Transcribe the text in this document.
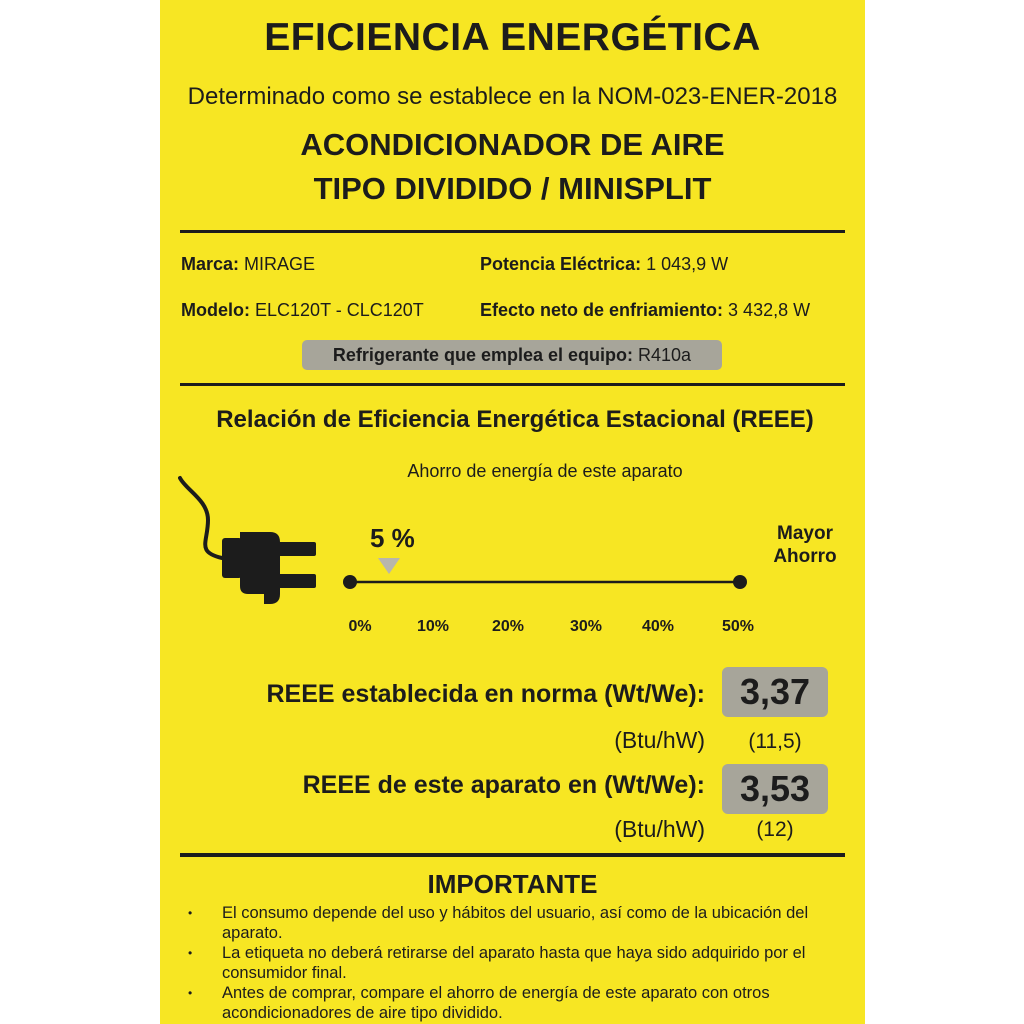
EFICIENCIA ENERGÉTICA
Determinado como se establece en la NOM-023-ENER-2018
ACONDICIONADOR DE AIRE
TIPO DIVIDIDO / MINISPLIT
Marca: MIRAGE	Potencia Eléctrica: 1 043,9 W
Modelo: ELC120T - CLC120T	Efecto neto de enfriamiento: 3 432,8 W
Refrigerante que emplea el equipo: R410a
Relación de Eficiencia Energética Estacional (REEE)
Ahorro de energía de este aparato
5 %	Mayor
Ahorro
0%	10%	20%	30%	40%	50%
REEE establecida en norma (Wt/We): 3,37
(Btu/hW)	(11,5)
REEE de este aparato en (Wt/We): 3,53
(Btu/hW)	(12)
IMPORTANTE
• El consumo depende del uso y hábitos del usuario, así como de la ubicación del aparato.
• La etiqueta no deberá retirarse del aparato hasta que haya sido adquirido por el consumidor final.
• Antes de comprar, compare el ahorro de energía de este aparato con otros acondicionadores de aire tipo dividido.
